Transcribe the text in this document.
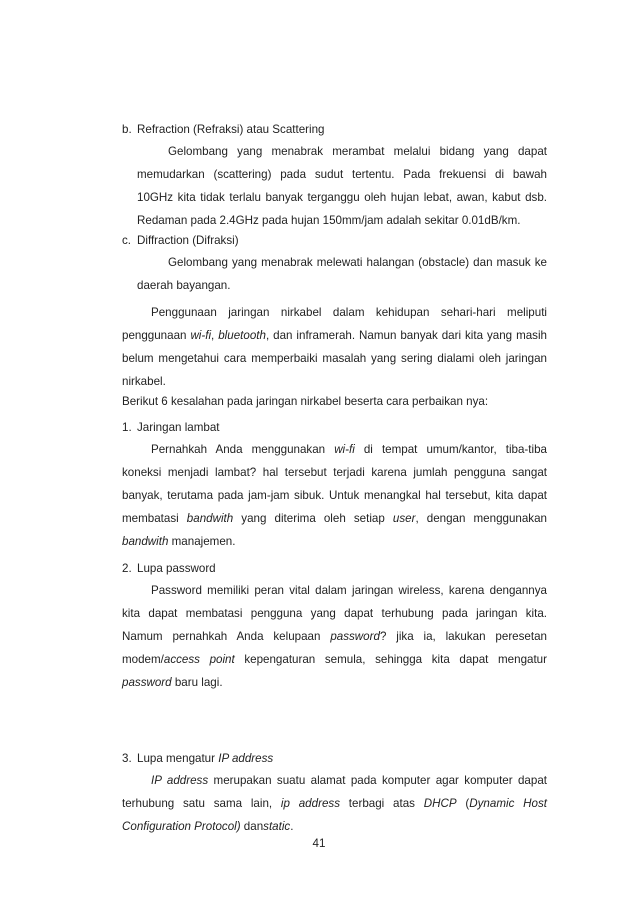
b. Refraction (Refraksi) atau Scattering
Gelombang yang menabrak merambat melalui bidang yang dapat
memudarkan (scattering) pada sudut tertentu. Pada frekuensi di bawah
10GHz kita tidak terlalu banyak terganggu oleh hujan lebat, awan, kabut dsb.
Redaman pada 2.4GHz pada hujan 150mm/jam adalah sekitar 0.01dB/km.
c. Diffraction (Difraksi)
Gelombang yang menabrak melewati halangan (obstacle) dan masuk ke
daerah bayangan.
Penggunaan jaringan nirkabel dalam kehidupan sehari-hari meliputi
penggunaan wi-fi, bluetooth, dan inframerah. Namun banyak dari kita yang masih
belum mengetahui cara memperbaiki masalah yang sering dialami oleh jaringan
nirkabel.
Berikut 6 kesalahan pada jaringan nirkabel beserta cara perbaikan nya:
1. Jaringan lambat
Pernahkah Anda menggunakan wi-fi di tempat umum/kantor, tiba-tiba
koneksi menjadi lambat? hal tersebut terjadi karena jumlah pengguna sangat
banyak, terutama pada jam-jam sibuk. Untuk menangkal hal tersebut, kita dapat
membatasi bandwith yang diterima oleh setiap user, dengan menggunakan
bandwith manajemen.
2. Lupa password
Password memiliki peran vital dalam jaringan wireless, karena dengannya
kita dapat membatasi pengguna yang dapat terhubung pada jaringan kita.
Namum pernahkah Anda kelupaan password? jika ia, lakukan peresetan
modem/access point kepengaturan semula, sehingga kita dapat mengatur
password baru lagi.
3. Lupa mengatur IP address
IP address merupakan suatu alamat pada komputer agar komputer dapat
terhubung satu sama lain, ip address terbagi atas DHCP (Dynamic Host
Configuration Protocol) danstatic.
41
